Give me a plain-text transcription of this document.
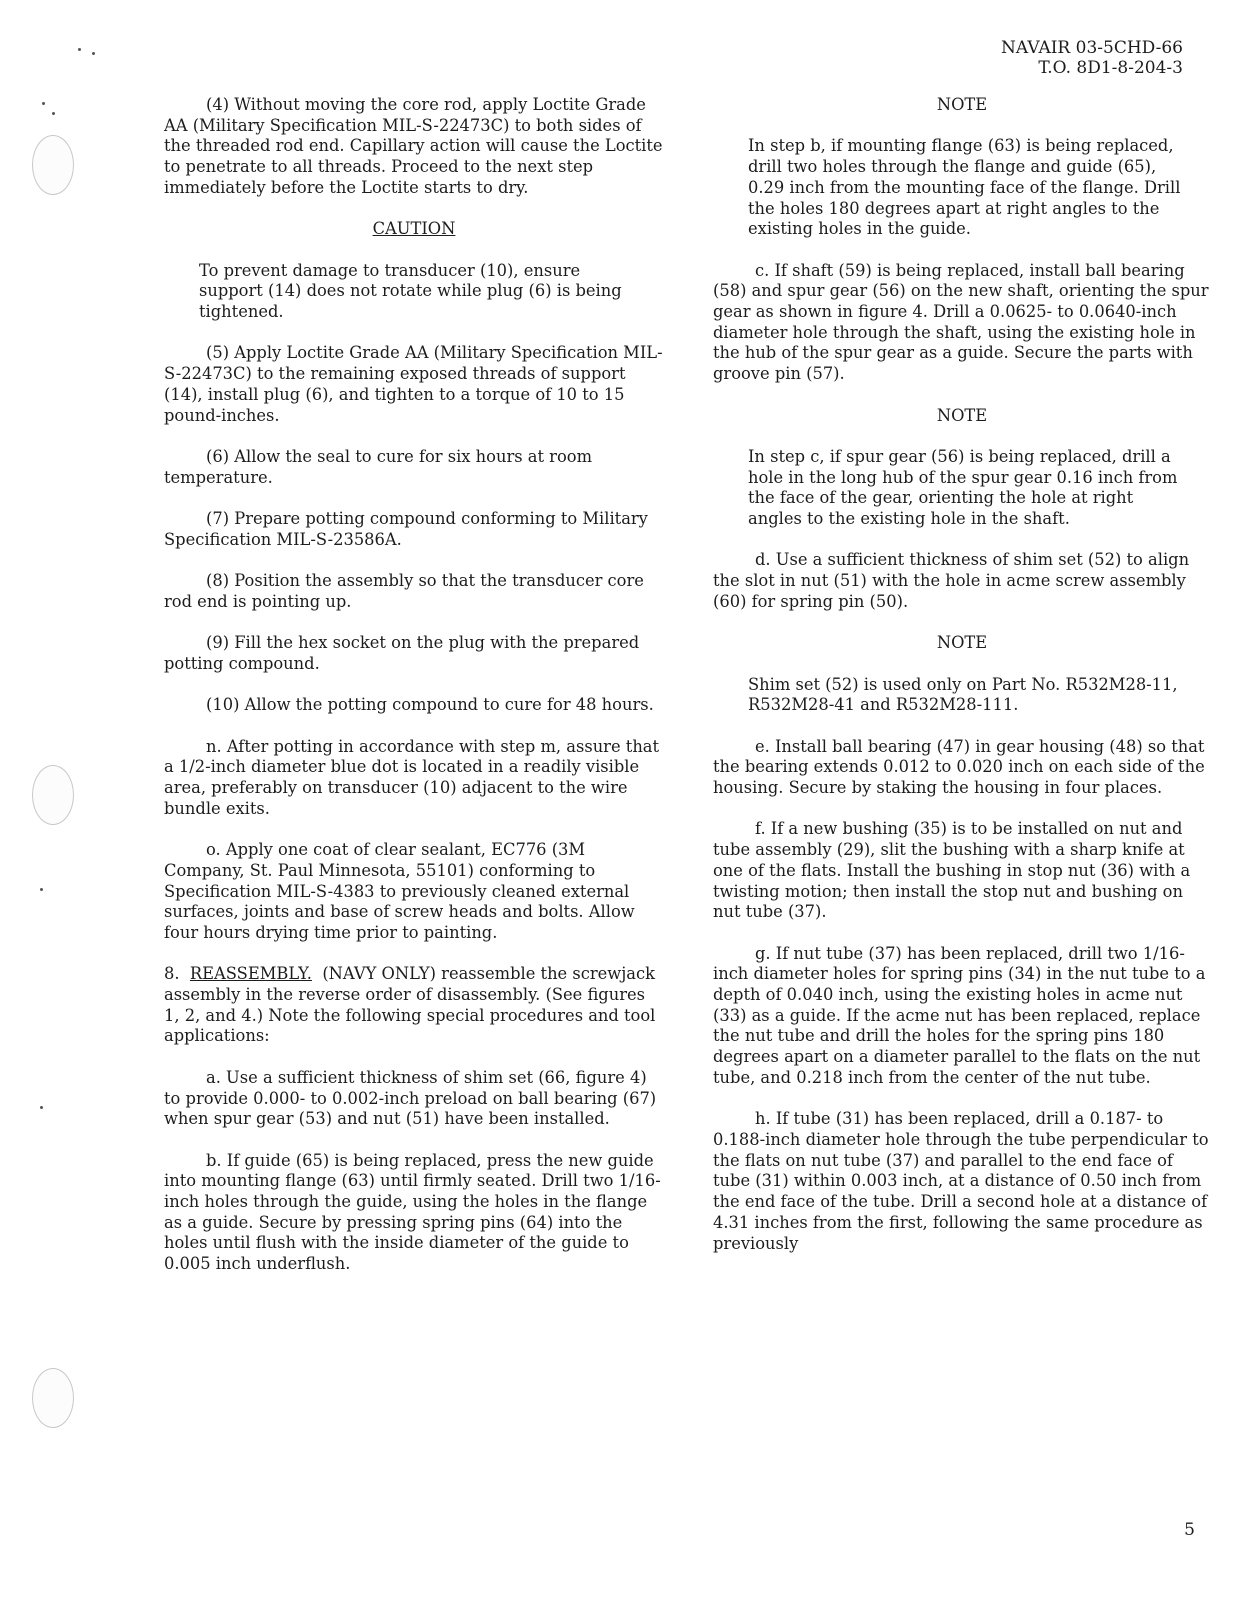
NAVAIR 03-5CHD-66
T.O. 8D1-8-204-3

(4) Without moving the core rod, apply Loctite Grade AA (Military Specification MIL-S-22473C) to both sides of the threaded rod end. Capillary action will cause the Loctite to penetrate to all threads. Proceed to the next step immediately before the Loctite starts to dry.

CAUTION

To prevent damage to transducer (10), ensure support (14) does not rotate while plug (6) is being tightened.

(5) Apply Loctite Grade AA (Military Specification MIL-S-22473C) to the remaining exposed threads of support (14), install plug (6), and tighten to a torque of 10 to 15 pound-inches.

(6) Allow the seal to cure for six hours at room temperature.

(7) Prepare potting compound conforming to Military Specification MIL-S-23586A.

(8) Position the assembly so that the transducer core rod end is pointing up.

(9) Fill the hex socket on the plug with the prepared potting compound.

(10) Allow the potting compound to cure for 48 hours.

n. After potting in accordance with step m, assure that a 1/2-inch diameter blue dot is located in a readily visible area, preferably on transducer (10) adjacent to the wire bundle exits.

o. Apply one coat of clear sealant, EC776 (3M Company, St. Paul Minnesota, 55101) conforming to Specification MIL-S-4383 to previously cleaned external surfaces, joints and base of screw heads and bolts. Allow four hours drying time prior to painting.

8. REASSEMBLY. (NAVY ONLY) reassemble the screwjack assembly in the reverse order of disassembly. (See figures 1, 2, and 4.) Note the following special procedures and tool applications:

a. Use a sufficient thickness of shim set (66, figure 4) to provide 0.000- to 0.002-inch preload on ball bearing (67) when spur gear (53) and nut (51) have been installed.

b. If guide (65) is being replaced, press the new guide into mounting flange (63) until firmly seated. Drill two 1/16-inch holes through the guide, using the holes in the flange as a guide. Secure by pressing spring pins (64) into the holes until flush with the inside diameter of the guide to 0.005 inch underflush.

NOTE

In step b, if mounting flange (63) is being replaced, drill two holes through the flange and guide (65), 0.29 inch from the mounting face of the flange. Drill the holes 180 degrees apart at right angles to the existing holes in the guide.

c. If shaft (59) is being replaced, install ball bearing (58) and spur gear (56) on the new shaft, orienting the spur gear as shown in figure 4. Drill a 0.0625- to 0.0640-inch diameter hole through the shaft, using the existing hole in the hub of the spur gear as a guide. Secure the parts with groove pin (57).

NOTE

In step c, if spur gear (56) is being replaced, drill a hole in the long hub of the spur gear 0.16 inch from the face of the gear, orienting the hole at right angles to the existing hole in the shaft.

d. Use a sufficient thickness of shim set (52) to align the slot in nut (51) with the hole in acme screw assembly (60) for spring pin (50).

NOTE

Shim set (52) is used only on Part No. R532M28-11, R532M28-41 and R532M28-111.

e. Install ball bearing (47) in gear housing (48) so that the bearing extends 0.012 to 0.020 inch on each side of the housing. Secure by staking the housing in four places.

f. If a new bushing (35) is to be installed on nut and tube assembly (29), slit the bushing with a sharp knife at one of the flats. Install the bushing in stop nut (36) with a twisting motion; then install the stop nut and bushing on nut tube (37).

g. If nut tube (37) has been replaced, drill two 1/16-inch diameter holes for spring pins (34) in the nut tube to a depth of 0.040 inch, using the existing holes in acme nut (33) as a guide. If the acme nut has been replaced, replace the nut tube and drill the holes for the spring pins 180 degrees apart on a diameter parallel to the flats on the nut tube, and 0.218 inch from the center of the nut tube.

h. If tube (31) has been replaced, drill a 0.187- to 0.188-inch diameter hole through the tube perpendicular to the flats on nut tube (37) and parallel to the end face of tube (31) within 0.003 inch, at a distance of 0.50 inch from the end face of the tube. Drill a second hole at a distance of 4.31 inches from the first, following the same procedure as previously

5
